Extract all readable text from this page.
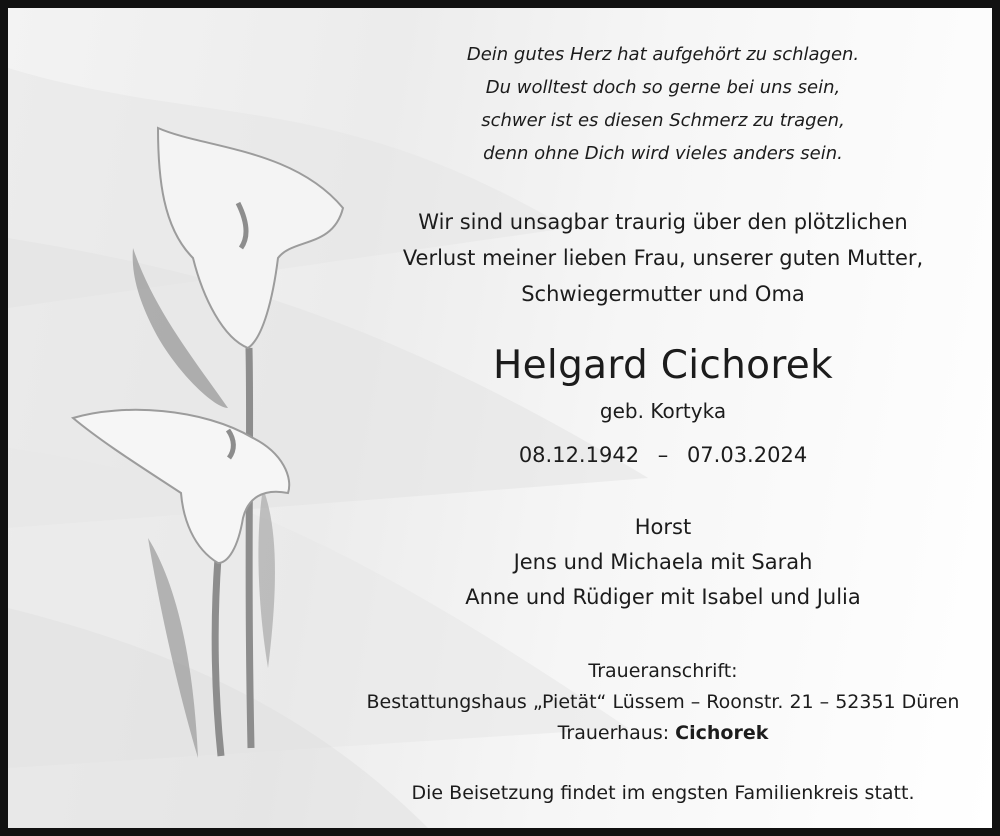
Dein gutes Herz hat aufgehört zu schlagen.
Du wolltest doch so gerne bei uns sein,
schwer ist es diesen Schmerz zu tragen,
denn ohne Dich wird vieles anders sein.
Wir sind unsagbar traurig über den plötzlichen
Verlust meiner lieben Frau, unserer guten Mutter,
Schwiegermutter und Oma
Helgard Cichorek
geb. Kortyka
08.12.1942 – 07.03.2024
Horst
Jens und Michaela mit Sarah
Anne und Rüdiger mit Isabel und Julia
Traueranschrift:
Bestattungshaus „Pietät“ Lüssem – Roonstr. 21 – 52351 Düren
Trauerhaus: Cichorek
Die Beisetzung findet im engsten Familienkreis statt.
